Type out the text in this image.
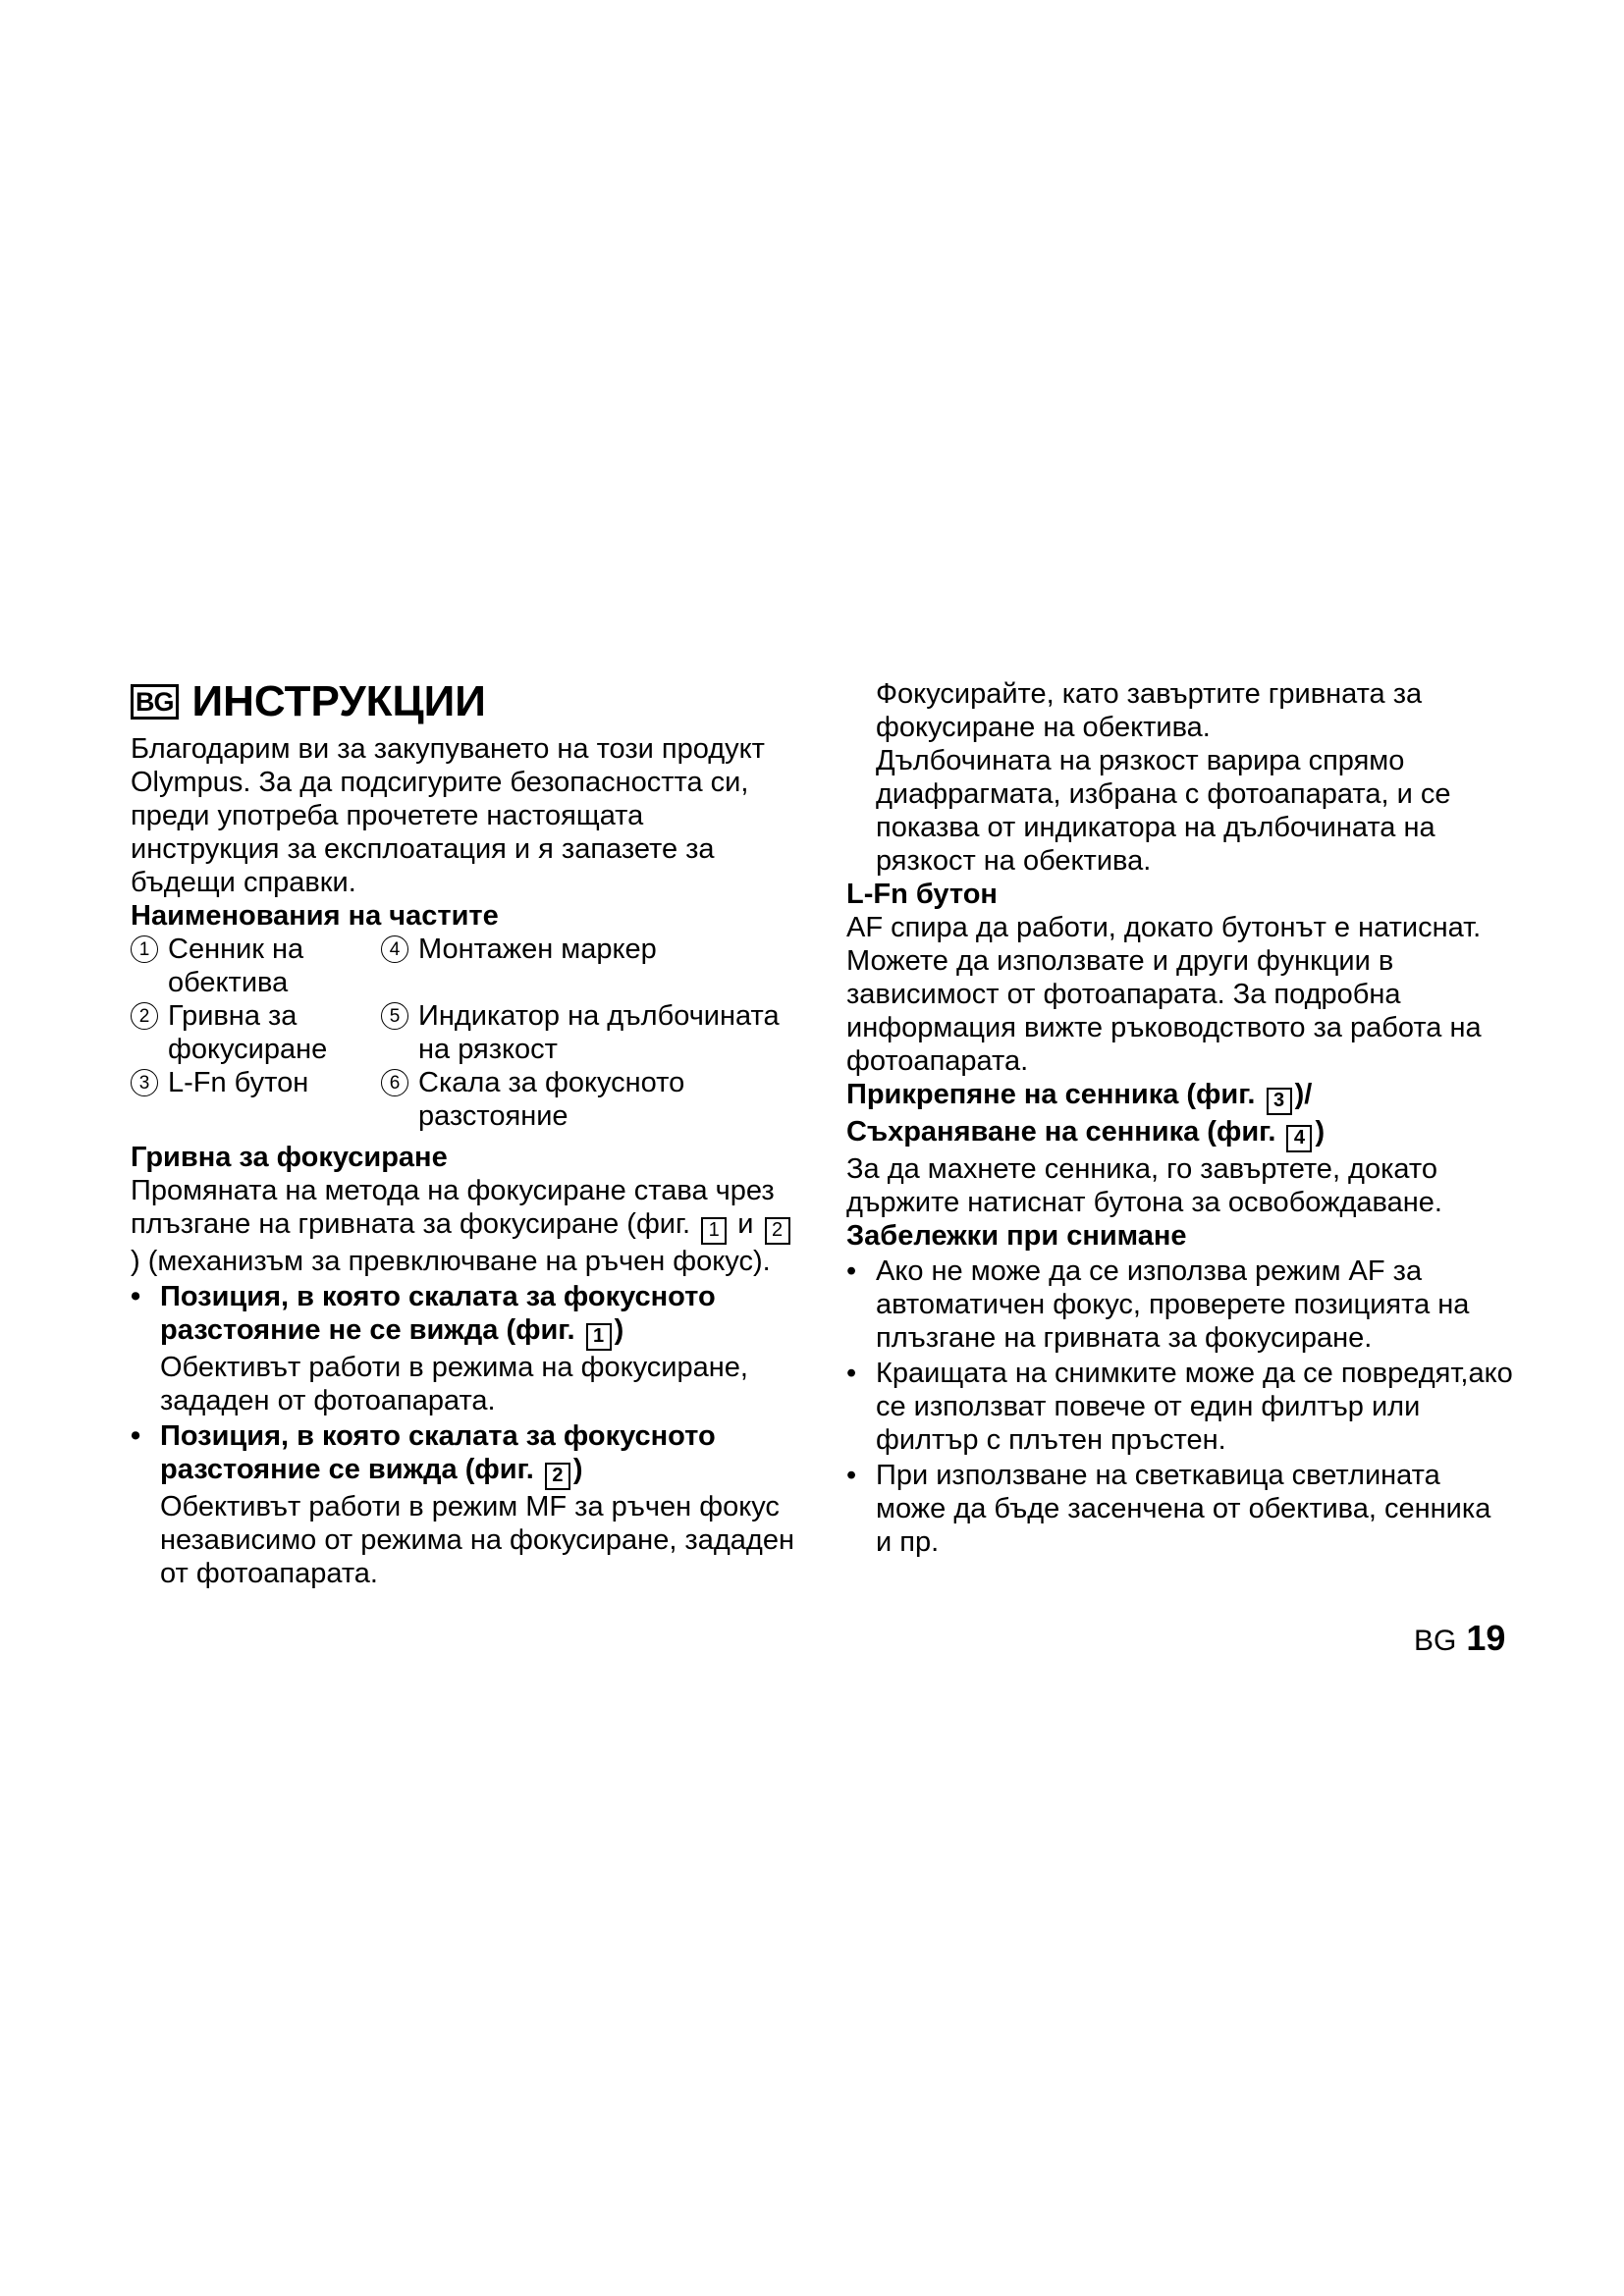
BG ИНСТРУКЦИИ

Благодарим ви за закупуването на този продукт Olympus. За да подсигурите безопасността си, преди употреба прочетете настоящата инструкция за експлоатация и я запазете за бъдещи справки.

Наименования на частите

1 Сенник на обектива
4 Монтажен маркер
2 Гривна за фокусиране
5 Индикатор на дълбочината на рязкост
3 L-Fn бутон	6 Скала за фокусното разстояние

Гривна за фокусиране

Промяната на метода на фокусиране става чрез плъзгане на гривната за фокусиране (фиг. 1 и 2) (механизъм за превключване на ръчен фокус).

• Позиция, в която скалата за фокусното разстояние не се вижда (фиг. 1 )

Обективът работи в режима на фокусиране, зададен от фотоапарата.

• Позиция, в която скалата за фокусното разстояние се вижда (фиг. 2 )

Обективът работи в режим MF за ръчен фокус независимо от режима на фокусиране, зададен от фотоапарата.

Фокусирайте, като завъртите гривната за фокусиране на обектива.

Дълбочината на рязкост варира спрямо диафрагмата, избрана с фотоапарата, и се показва от индикатора на дълбочината на рязкост на обектива.

L-Fn бутон

AF спира да работи, докато бутонът е натиснат. Можете да използвате и други функции в зависимост от фотоапарата. За подробна информация вижте ръководството за работа на фотоапарата.

Прикрепяне на сенника (фиг. 3 )/
Съхраняване на сенника (фиг. 4 )

За да махнете сенника, го завъртете, докато държите натиснат бутона за освобождаване.

Забележки при снимане

• Ако не може да се използва режим AF за автоматичен фокус, проверете позицията на плъзгане на гривната за фокусиране.

• Краищата на снимките може да се повредят,ако се използват повече от един филтър или филтър с плътен пръстен.

• При използване на светкавица светлината може да бъде засенчена от обектива, сенника и пр.

BG 19
